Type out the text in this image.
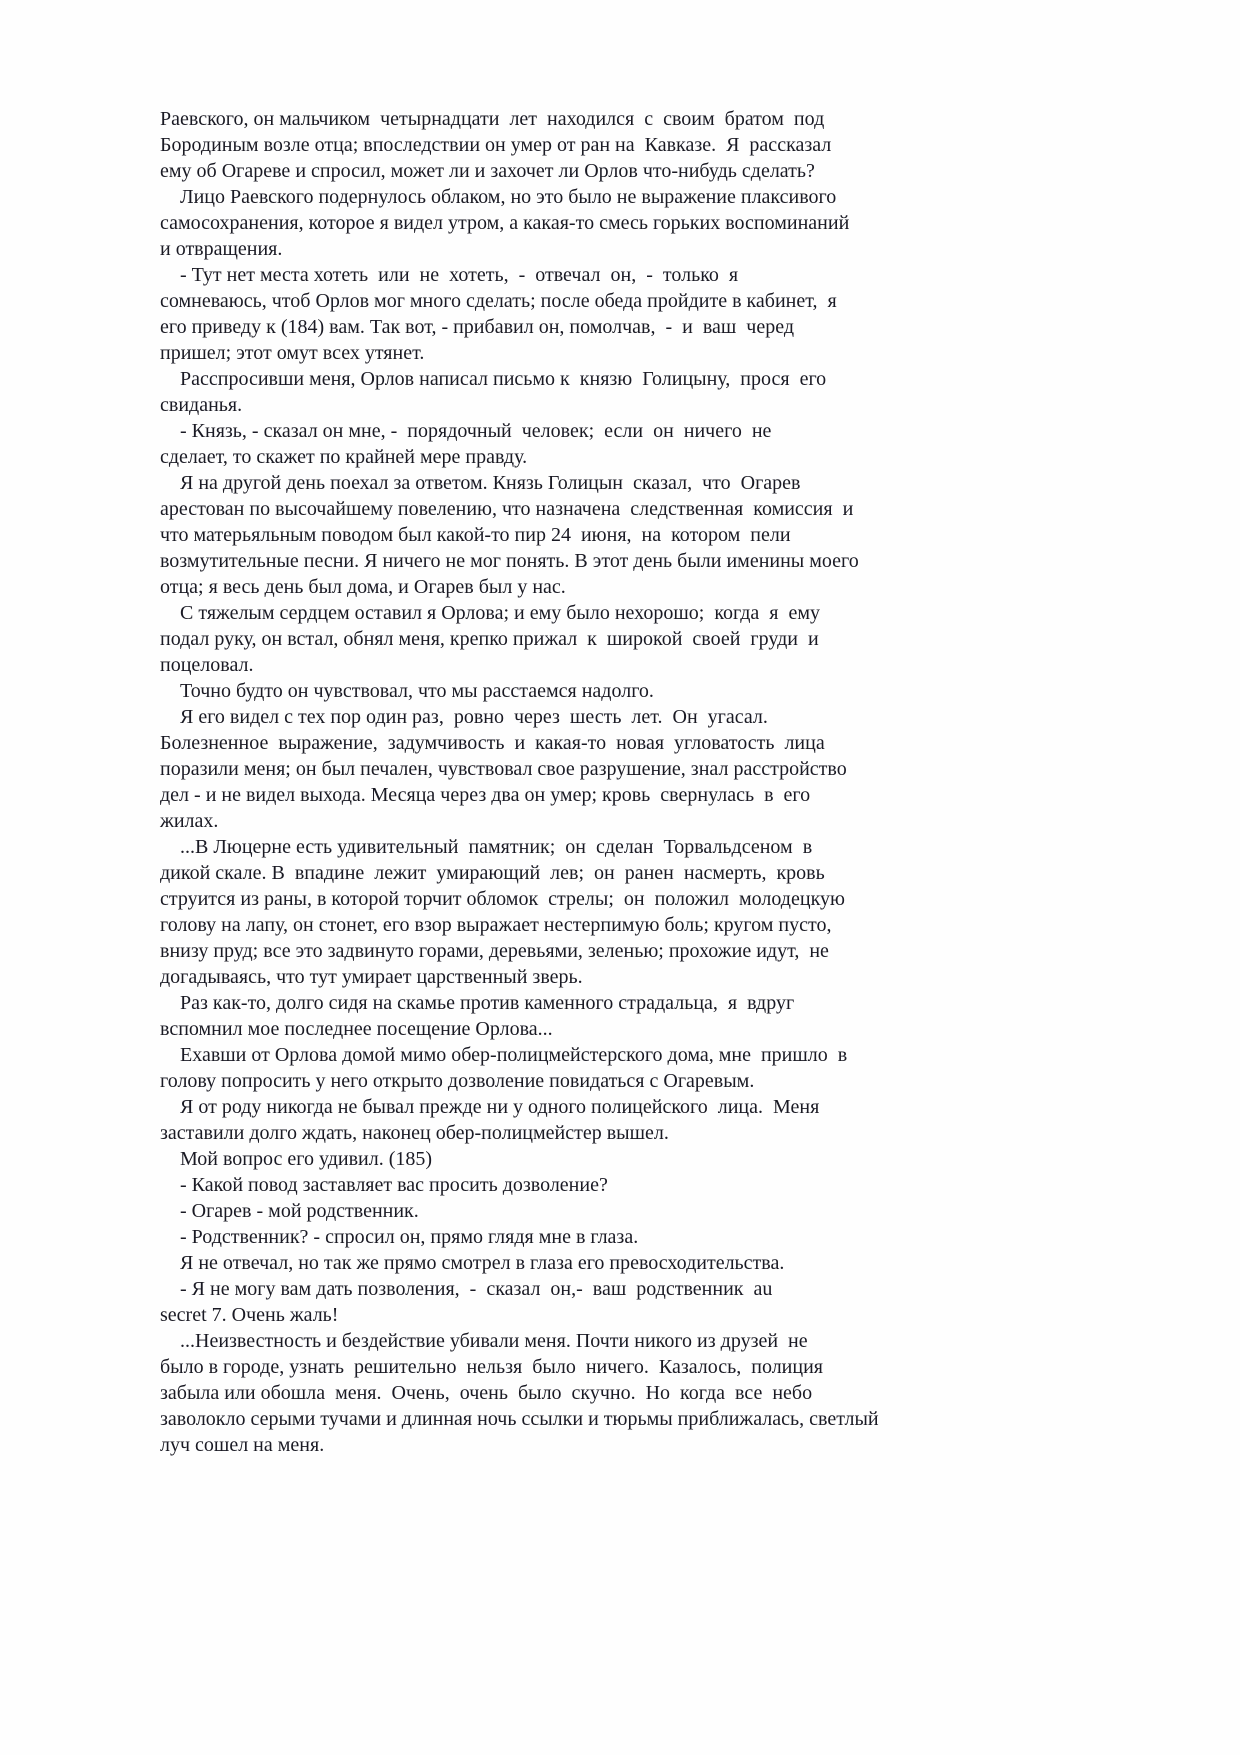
Раевского, он мальчиком  четырнадцати  лет  находился  с  своим  братом  под
Бородиным возле отца; впоследствии он умер от ран на  Кавказе.  Я  рассказал
ему об Огареве и спросил, может ли и захочет ли Орлов что-нибудь сделать?
Лицо Раевского подернулось облаком, но это было не выражение плаксивого
самосохранения, которое я видел утром, а какая-то смесь горьких воспоминаний
и отвращения.
- Тут нет места хотеть  или  не  хотеть,  -  отвечал  он,  -  только  я
сомневаюсь, чтоб Орлов мог много сделать; после обеда пройдите в кабинет,  я
его приведу к (184) вам. Так вот, - прибавил он, помолчав,  -  и  ваш  черед
пришел; этот омут всех утянет.
Расспросивши меня, Орлов написал письмо к  князю  Голицыну,  прося  его
свиданья.
- Князь, - сказал он мне, -  порядочный  человек;  если  он  ничего  не
сделает, то скажет по крайней мере правду.
Я на другой день поехал за ответом. Князь Голицын  сказал,  что  Огарев
арестован по высочайшему повелению, что назначена  следственная  комиссия  и
что матерьяльным поводом был какой-то пир 24  июня,  на  котором  пели
возмутительные песни. Я ничего не мог понять. В этот день были именины моего
отца; я весь день был дома, и Огарев был у нас.
С тяжелым сердцем оставил я Орлова; и ему было нехорошо;  когда  я  ему
подал руку, он встал, обнял меня, крепко прижал  к  широкой  своей  груди  и
поцеловал.
Точно будто он чувствовал, что мы расстаемся надолго.
Я его видел с тех пор один раз,  ровно  через  шесть  лет.  Он  угасал.
Болезненное  выражение,  задумчивость  и  какая-то  новая  угловатость  лица
поразили меня; он был печален, чувствовал свое разрушение, знал расстройство
дел - и не видел выхода. Месяца через два он умер; кровь  свернулась  в  его
жилах.
...В Люцерне есть удивительный  памятник;  он  сделан  Торвальдсеном  в
дикой скале. В  впадине  лежит  умирающий  лев;  он  ранен  насмерть,  кровь
струится из раны, в которой торчит обломок  стрелы;  он  положил  молодецкую
голову на лапу, он стонет, его взор выражает нестерпимую боль; кругом пусто,
внизу пруд; все это задвинуто горами, деревьями, зеленью; прохожие идут,  не
догадываясь, что тут умирает царственный зверь.
Раз как-то, долго сидя на скамье против каменного страдальца,  я  вдруг
вспомнил мое последнее посещение Орлова...
Ехавши от Орлова домой мимо обер-полицмейстерского дома, мне  пришло  в
голову попросить у него открыто дозволение повидаться с Огаревым.
Я от роду никогда не бывал прежде ни у одного полицейского  лица.  Меня
заставили долго ждать, наконец обер-полицмейстер вышел.
Мой вопрос его удивил. (185)
- Какой повод заставляет вас просить дозволение?
- Огарев - мой родственник.
- Родственник? - спросил он, прямо глядя мне в глаза.
Я не отвечал, но так же прямо смотрел в глаза его превосходительства.
- Я не могу вам дать позволения,  -  сказал  он,-  ваш  родственник  au
secret 7. Очень жаль!
...Неизвестность и бездействие убивали меня. Почти никого из друзей  не
было в городе, узнать  решительно  нельзя  было  ничего.  Казалось,  полиция
забыла или обошла  меня.  Очень,  очень  было  скучно.  Но  когда  все  небо
заволокло серыми тучами и длинная ночь ссылки и тюрьмы приближалась, светлый
луч сошел на меня.
